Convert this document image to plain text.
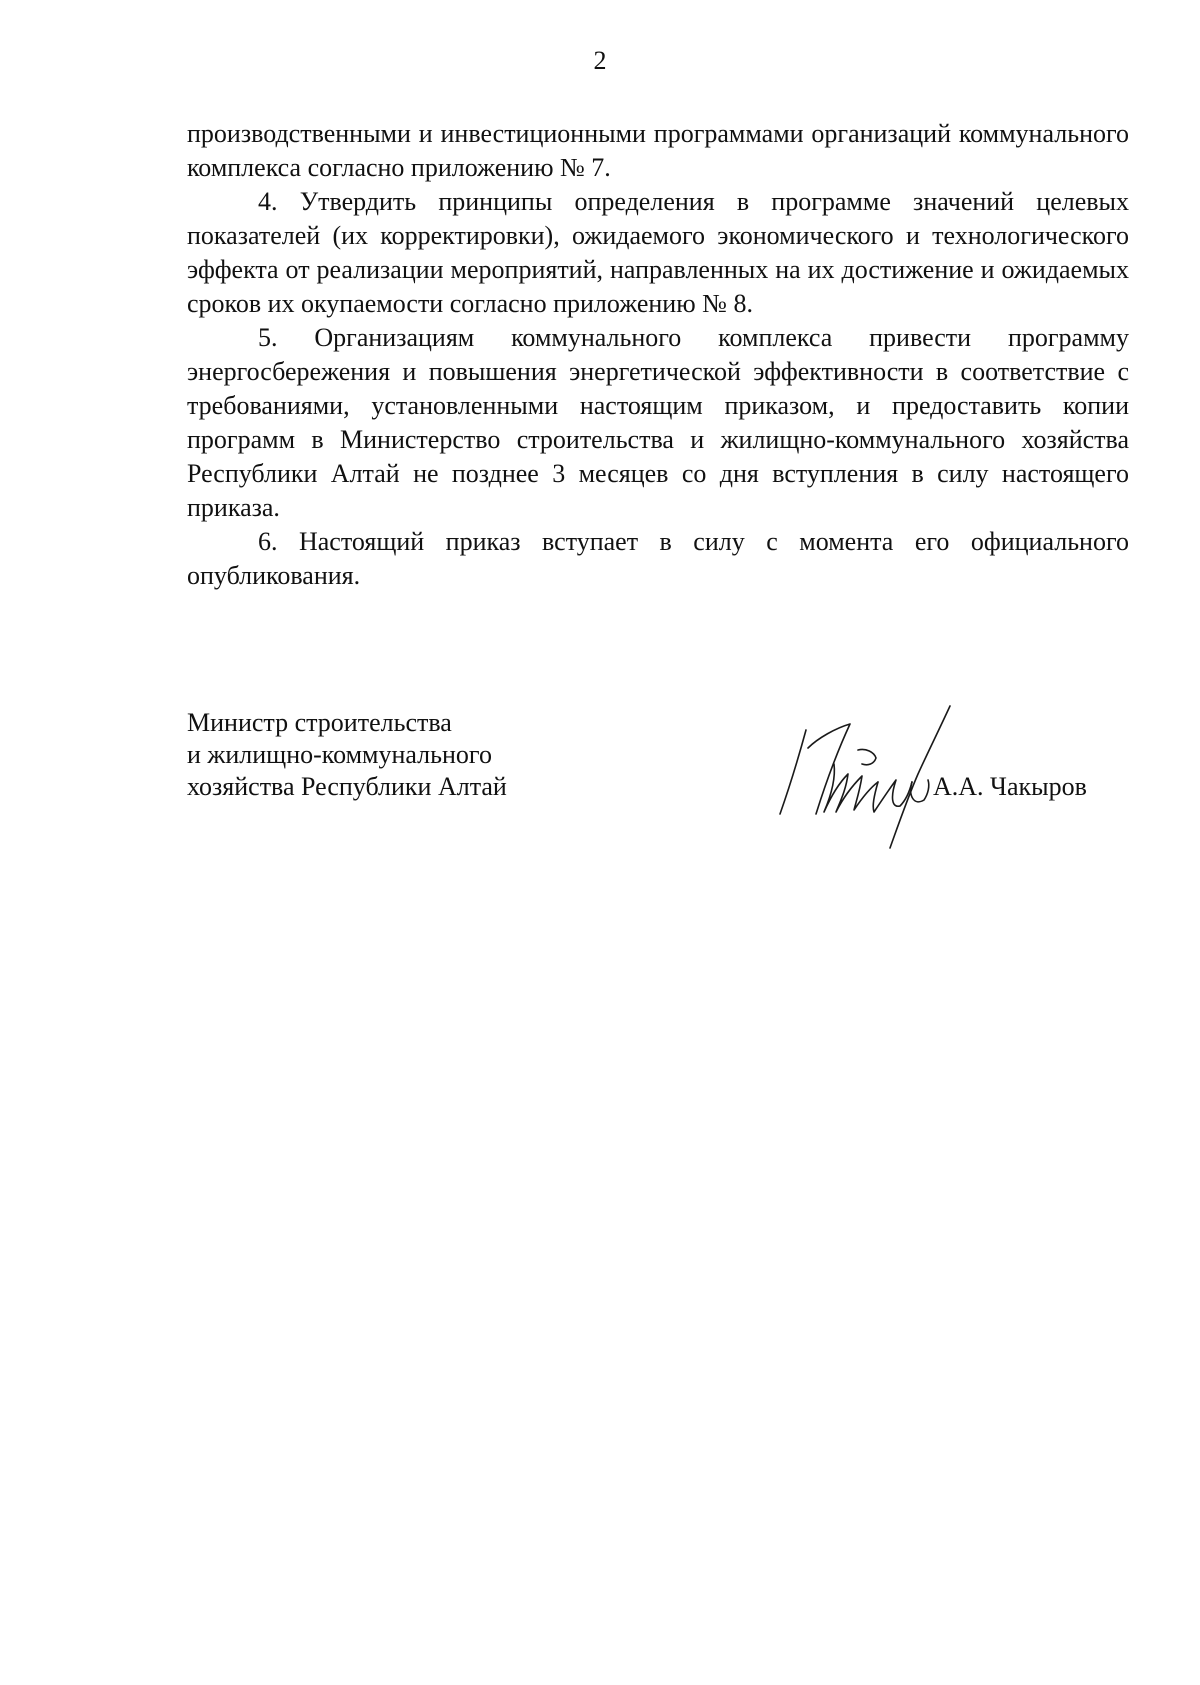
2

производственными и инвестиционными программами организаций коммунального комплекса согласно приложению № 7.

4. Утвердить принципы определения в программе значений целевых показателей (их корректировки), ожидаемого экономического и технологического эффекта от реализации мероприятий, направленных на их достижение и ожидаемых сроков их окупаемости согласно приложению № 8.

5. Организациям коммунального комплекса привести программу энергосбережения и повышения энергетической эффективности в соответствие с требованиями, установленными настоящим приказом, и предоставить копии программ в Министерство строительства и жилищно-коммунального хозяйства Республики Алтай не позднее 3 месяцев со дня вступления в силу настоящего приказа.

6. Настоящий приказ вступает в силу с момента его официального опубликования.

Министр строительства
и жилищно-коммунального
хозяйства Республики Алтай	А.А. Чакыров
